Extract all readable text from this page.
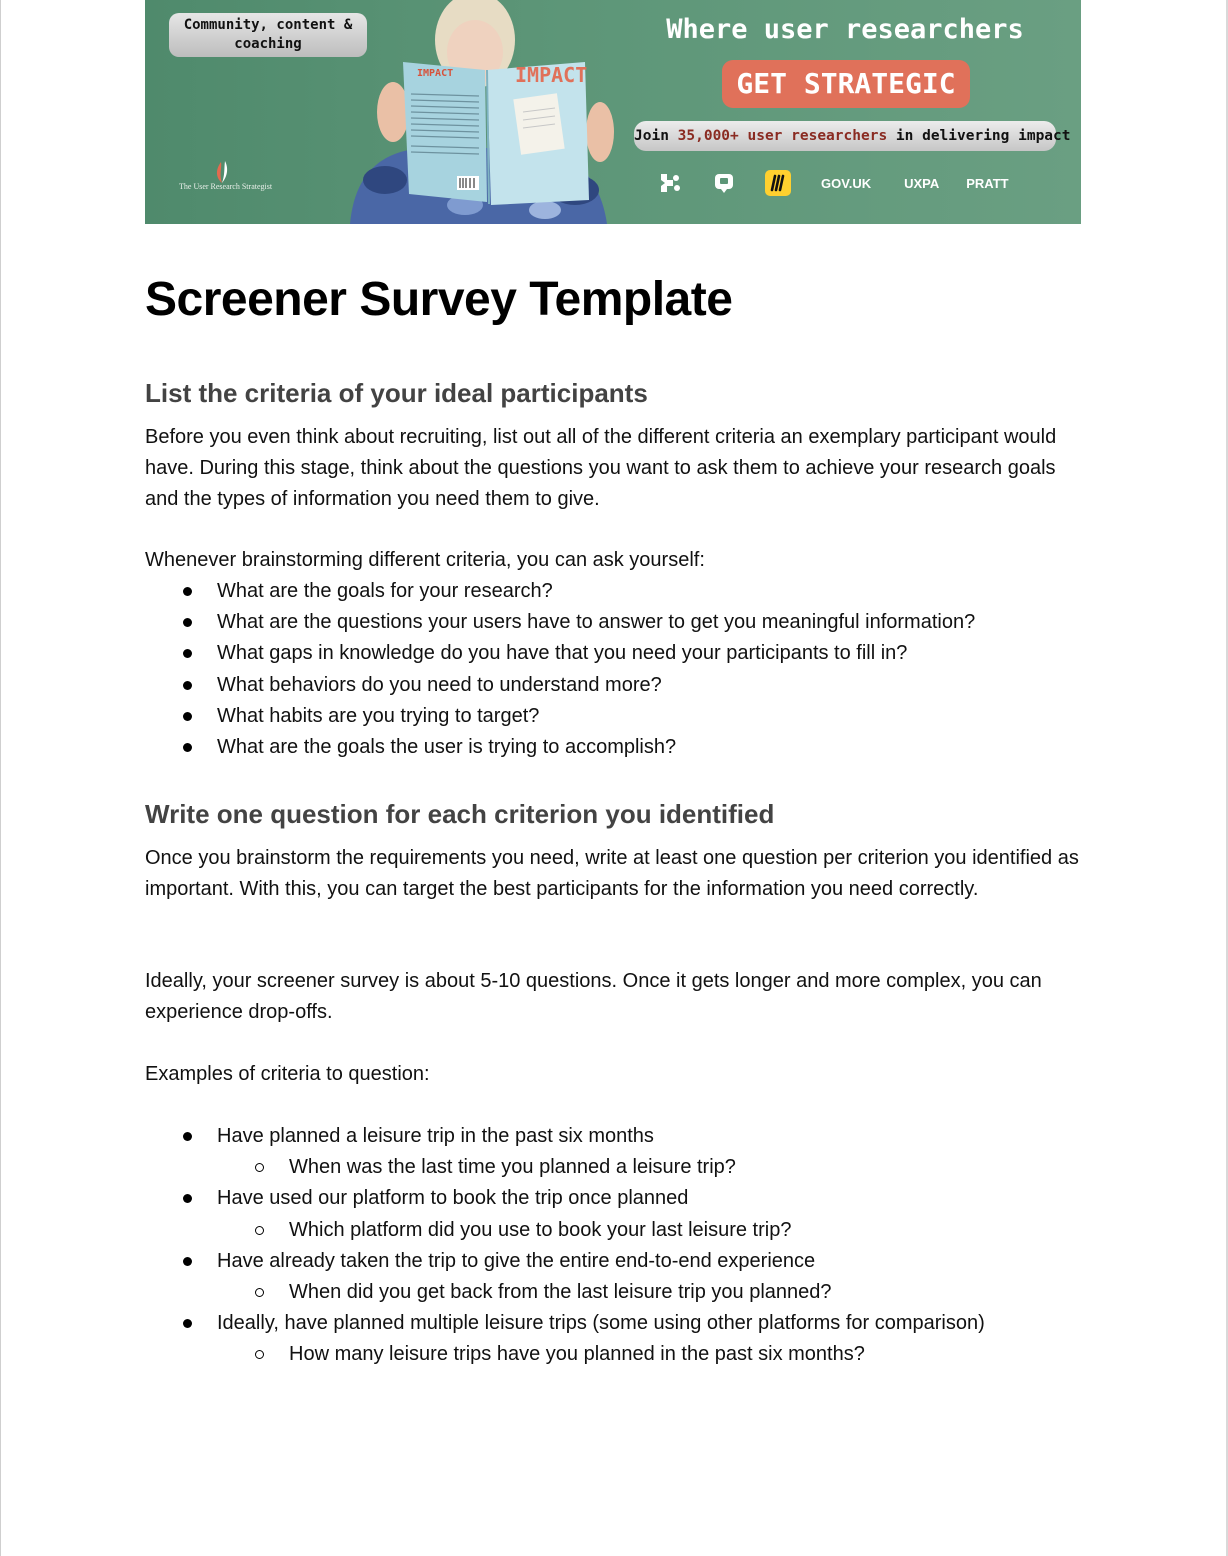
Community, content & coaching
The User Research Strategist
IMPACT	IMPACT
Where user researchers
GET STRATEGIC
Join 35,000+ user researchers in delivering impact
GOV.UK	UXPA PRATT
Screener Survey Template
List the criteria of your ideal participants

Before you even think about recruiting, list out all of the different criteria an exemplary participant would have. During this stage, think about the questions you want to ask them to achieve your research goals and the types of information you need them to give.

Whenever brainstorming different criteria, you can ask yourself:

What are the goals for your research?
What are the questions your users have to answer to get you meaningful information?
What gaps in knowledge do you have that you need your participants to fill in?
What behaviors do you need to understand more?
What habits are you trying to target?
What are the goals the user is trying to accomplish?
Write one question for each criterion you identified

Once you brainstorm the requirements you need, write at least one question per criterion you identified as important. With this, you can target the best participants for the information you need correctly.

Ideally, your screener survey is about 5-10 questions. Once it gets longer and more complex, you can experience drop-offs.

Examples of criteria to question:

Have planned a leisure trip in the past six months
When was the last time you planned a leisure trip?
Have used our platform to book the trip once planned
Which platform did you use to book your last leisure trip?
Have already taken the trip to give the entire end-to-end experience
When did you get back from the last leisure trip you planned?
Ideally, have planned multiple leisure trips (some using other platforms for comparison)
How many leisure trips have you planned in the past six months?
